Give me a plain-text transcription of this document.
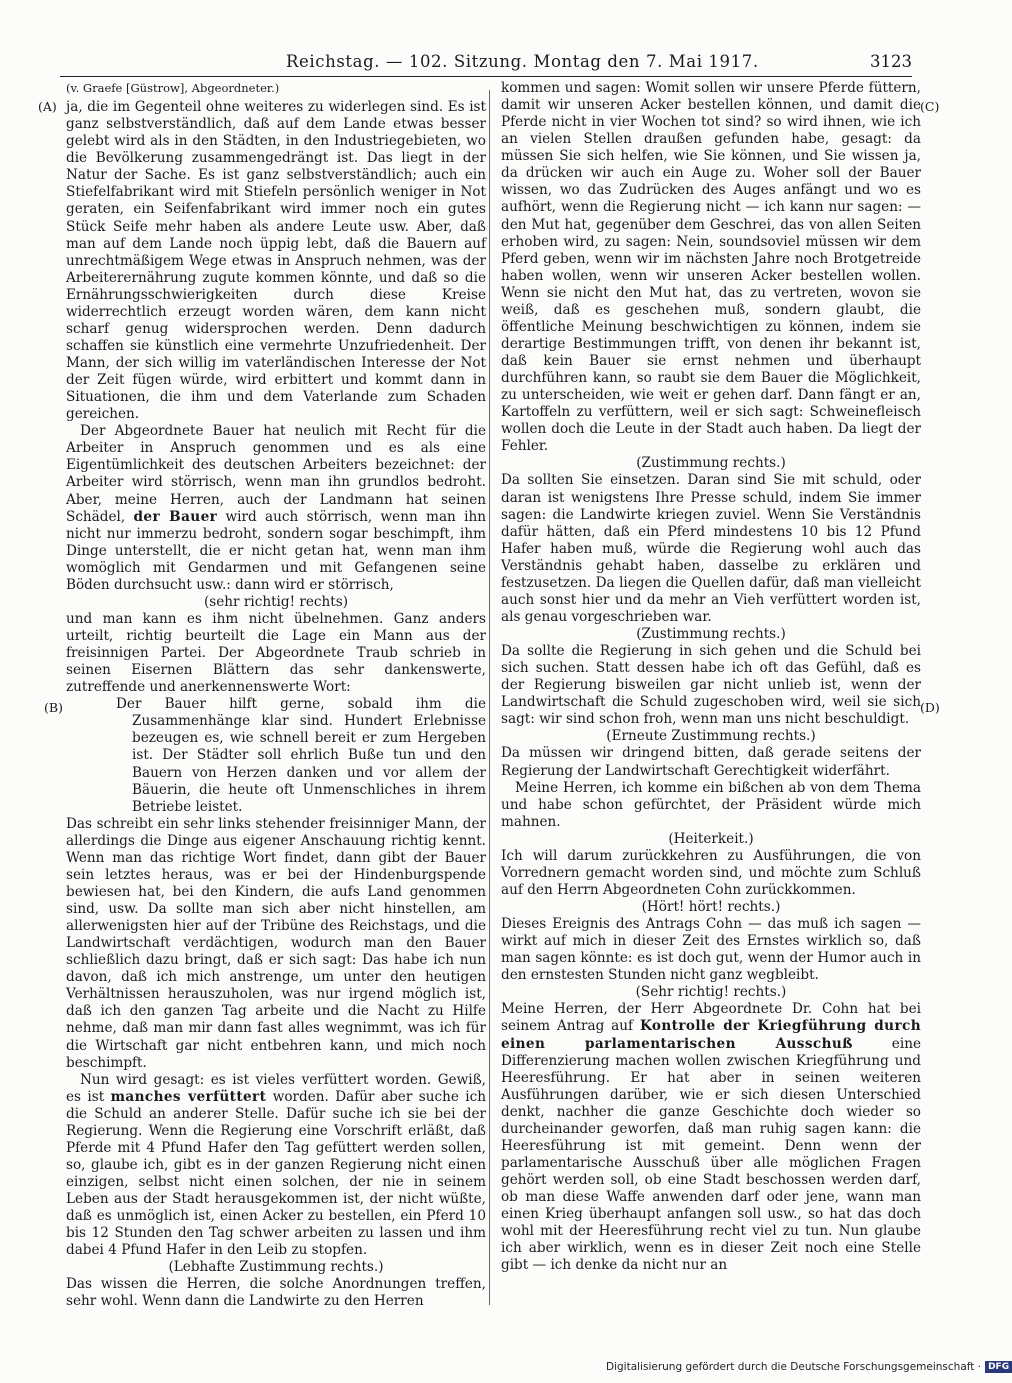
Reichstag. — 102. Sitzung. Montag den 7. Mai 1917.	3123
(A)
(B)
(C)
(D)

(v. Graefe [Güstrow], Abgeordneter.)

ja, die im Gegenteil ohne weiteres zu widerlegen sind. Es ist ganz selbstverständlich, daß auf dem Lande etwas besser gelebt wird als in den Städten, in den Industriegebieten, wo die Bevölkerung zusammengedrängt ist. Das liegt in der Natur der Sache. Es ist ganz selbstverständlich; auch ein Stiefelfabrikant wird mit Stiefeln persönlich weniger in Not geraten, ein Seifenfabrikant wird immer noch ein gutes Stück Seife mehr haben als andere Leute usw. Aber, daß man auf dem Lande noch üppig lebt, daß die Bauern auf unrechtmäßigem Wege etwas in Anspruch nehmen, was der Arbeiterernährung zugute kommen könnte, und daß so die Ernährungsschwierigkeiten durch diese Kreise widerrechtlich erzeugt worden wären, dem kann nicht scharf genug widersprochen werden. Denn dadurch schaffen sie künstlich eine vermehrte Unzufriedenheit. Der Mann, der sich willig im vaterländischen Interesse der Not der Zeit fügen würde, wird erbittert und kommt dann in Situationen, die ihm und dem Vaterlande zum Schaden gereichen.

Der Abgeordnete Bauer hat neulich mit Recht für die Arbeiter in Anspruch genommen und es als eine Eigentümlichkeit des deutschen Arbeiters bezeichnet: der Arbeiter wird störrisch, wenn man ihn grundlos bedroht. Aber, meine Herren, auch der Landmann hat seinen Schädel, der Bauer wird auch störrisch, wenn man ihn nicht nur immerzu bedroht, sondern sogar beschimpft, ihm Dinge unterstellt, die er nicht getan hat, wenn man ihm womöglich mit Gendarmen und mit Gefangenen seine Böden durchsucht usw.: dann wird er störrisch,

(sehr richtig! rechts)

und man kann es ihm nicht übelnehmen. Ganz anders urteilt, richtig beurteilt die Lage ein Mann aus der freisinnigen Partei. Der Abgeordnete Traub schrieb in seinen Eisernen Blättern das sehr dankenswerte, zutreffende und anerkennenswerte Wort:

Der Bauer hilft gerne, sobald ihm die Zusammenhänge klar sind. Hundert Erlebnisse bezeugen es, wie schnell bereit er zum Hergeben ist. Der Städter soll ehrlich Buße tun und den Bauern von Herzen danken und vor allem der Bäuerin, die heute oft Unmenschliches in ihrem Betriebe leistet.

Das schreibt ein sehr links stehender freisinniger Mann, der allerdings die Dinge aus eigener Anschauung richtig kennt. Wenn man das richtige Wort findet, dann gibt der Bauer sein letztes heraus, was er bei der Hindenburgspende bewiesen hat, bei den Kindern, die aufs Land genommen sind, usw. Da sollte man sich aber nicht hinstellen, am allerwenigsten hier auf der Tribüne des Reichstags, und die Landwirtschaft verdächtigen, wodurch man den Bauer schließlich dazu bringt, daß er sich sagt: Das habe ich nun davon, daß ich mich anstrenge, um unter den heutigen Verhältnissen herauszuholen, was nur irgend möglich ist, daß ich den ganzen Tag arbeite und die Nacht zu Hilfe nehme, daß man mir dann fast alles wegnimmt, was ich für die Wirtschaft gar nicht entbehren kann, und mich noch beschimpft.

Nun wird gesagt: es ist vieles verfüttert worden. Gewiß, es ist manches verfüttert worden. Dafür aber suche ich die Schuld an anderer Stelle. Dafür suche ich sie bei der Regierung. Wenn die Regierung eine Vorschrift erläßt, daß Pferde mit 4 Pfund Hafer den Tag gefüttert werden sollen, so, glaube ich, gibt es in der ganzen Regierung nicht einen einzigen, selbst nicht einen solchen, der nie in seinem Leben aus der Stadt herausgekommen ist, der nicht wüßte, daß es unmöglich ist, einen Acker zu bestellen, ein Pferd 10 bis 12 Stunden den Tag schwer arbeiten zu lassen und ihm dabei 4 Pfund Hafer in den Leib zu stopfen.

(Lebhafte Zustimmung rechts.)

Das wissen die Herren, die solche Anordnungen treffen, sehr wohl. Wenn dann die Landwirte zu den Herren

kommen und sagen: Womit sollen wir unsere Pferde füttern, damit wir unseren Acker bestellen können, und damit die Pferde nicht in vier Wochen tot sind? so wird ihnen, wie ich an vielen Stellen draußen gefunden habe, gesagt: da müssen Sie sich helfen, wie Sie können, und Sie wissen ja, da drücken wir auch ein Auge zu. Woher soll der Bauer wissen, wo das Zudrücken des Auges anfängt und wo es aufhört, wenn die Regierung nicht — ich kann nur sagen: — den Mut hat, gegenüber dem Geschrei, das von allen Seiten erhoben wird, zu sagen: Nein, soundsoviel müssen wir dem Pferd geben, wenn wir im nächsten Jahre noch Brotgetreide haben wollen, wenn wir unseren Acker bestellen wollen. Wenn sie nicht den Mut hat, das zu vertreten, wovon sie weiß, daß es geschehen muß, sondern glaubt, die öffentliche Meinung beschwichtigen zu können, indem sie derartige Bestimmungen trifft, von denen ihr bekannt ist, daß kein Bauer sie ernst nehmen und überhaupt durchführen kann, so raubt sie dem Bauer die Möglichkeit, zu unterscheiden, wie weit er gehen darf. Dann fängt er an, Kartoffeln zu verfüttern, weil er sich sagt: Schweinefleisch wollen doch die Leute in der Stadt auch haben. Da liegt der Fehler.

(Zustimmung rechts.)

Da sollten Sie einsetzen. Daran sind Sie mit schuld, oder daran ist wenigstens Ihre Presse schuld, indem Sie immer sagen: die Landwirte kriegen zuviel. Wenn Sie Verständnis dafür hätten, daß ein Pferd mindestens 10 bis 12 Pfund Hafer haben muß, würde die Regierung wohl auch das Verständnis gehabt haben, dasselbe zu erklären und festzusetzen. Da liegen die Quellen dafür, daß man vielleicht auch sonst hier und da mehr an Vieh verfüttert worden ist, als genau vorgeschrieben war.

(Zustimmung rechts.)

Da sollte die Regierung in sich gehen und die Schuld bei sich suchen. Statt dessen habe ich oft das Gefühl, daß es der Regierung bisweilen gar nicht unlieb ist, wenn der Landwirtschaft die Schuld zugeschoben wird, weil sie sich sagt: wir sind schon froh, wenn man uns nicht beschuldigt.

(Erneute Zustimmung rechts.)

Da müssen wir dringend bitten, daß gerade seitens der Regierung der Landwirtschaft Gerechtigkeit widerfährt.

Meine Herren, ich komme ein bißchen ab von dem Thema und habe schon gefürchtet, der Präsident würde mich mahnen.

(Heiterkeit.)

Ich will darum zurückkehren zu Ausführungen, die von Vorrednern gemacht worden sind, und möchte zum Schluß auf den Herrn Abgeordneten Cohn zurückkommen.

(Hört! hört! rechts.)

Dieses Ereignis des Antrags Cohn — das muß ich sagen — wirkt auf mich in dieser Zeit des Ernstes wirklich so, daß man sagen könnte: es ist doch gut, wenn der Humor auch in den ernstesten Stunden nicht ganz wegbleibt.

(Sehr richtig! rechts.)

Meine Herren, der Herr Abgeordnete Dr. Cohn hat bei seinem Antrag auf Kontrolle der Kriegführung durch einen parlamentarischen Ausschuß	eine Differenzierung machen wollen zwischen Kriegführung und Heeresführung. Er hat aber in seinen weiteren Ausführungen darüber, wie er sich diesen Unterschied denkt, nachher die ganze Geschichte doch wieder so durcheinander geworfen, daß man ruhig sagen kann: die Heeresführung ist mit gemeint. Denn wenn der parlamentarische Ausschuß über alle möglichen Fragen gehört werden soll, ob eine Stadt beschossen werden darf, ob man diese Waffe anwenden darf oder jene, wann man einen Krieg überhaupt anfangen soll usw., so hat das doch wohl mit der Heeresführung recht viel zu tun. Nun glaube ich aber wirklich, wenn es in dieser Zeit noch eine Stelle gibt — ich denke da nicht nur an

Digitalisierung gefördert durch die Deutsche Forschungsgemeinschaft · DFG
